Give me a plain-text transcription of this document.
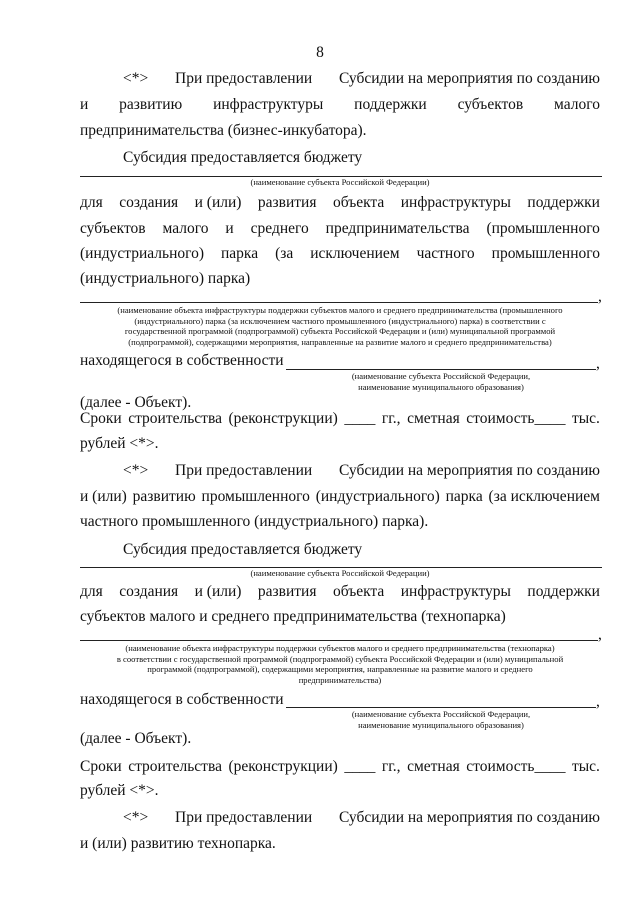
8
<*> При предоставлении Субсидии на мероприятия по созданию
и развитию инфраструктуры поддержки субъектов малого
предпринимательства (бизнес-инкубатора).
Субсидия предоставляется бюджету
(наименование субъекта Российской Федерации)
для создания и (или) развития объекта инфраструктуры поддержки
субъектов малого и среднего предпринимательства (промышленного
(индустриального) парка (за исключением частного промышленного
(индустриального) парка)
,
(наименование объекта инфраструктуры поддержки субъектов малого и среднего предпринимательства (промышленного
(индустриального) парка (за исключением частного промышленного (индустриального) парка) в соответствии с
государственной программой (подпрограммой) субъекта Российской Федерации и (или) муниципальной программой
(подпрограммой), содержащими мероприятия, направленные на развитие малого и среднего предпринимательства)
находящегося в собственности	,
(наименование субъекта Российской Федерации,
наименование муниципального образования)
(далее - Объект).
Сроки строительства (реконструкции) ____ гг., сметная стоимость____ тыс.
рублей <*>.
<*> При предоставлении Субсидии на мероприятия по созданию
и (или) развитию промышленного (индустриального) парка (за исключением
частного промышленного (индустриального) парка).
Субсидия предоставляется бюджету
(наименование субъекта Российской Федерации)
для создания и (или) развития объекта инфраструктуры поддержки
субъектов малого и среднего предпринимательства (технопарка)
,
(наименование объекта инфраструктуры поддержки субъектов малого и среднего предпринимательства (технопарка)
в соответствии с государственной программой (подпрограммой) субъекта Российской Федерации и (или) муниципальной
программой (подпрограммой), содержащими мероприятия, направленные на развитие малого и среднего
предпринимательства)
находящегося в собственности	,
(наименование субъекта Российской Федерации,
наименование муниципального образования)
(далее - Объект).
Сроки строительства (реконструкции) ____ гг., сметная стоимость____ тыс.
рублей <*>.
<*> При предоставлении Субсидии на мероприятия по созданию
и (или) развитию технопарка.
